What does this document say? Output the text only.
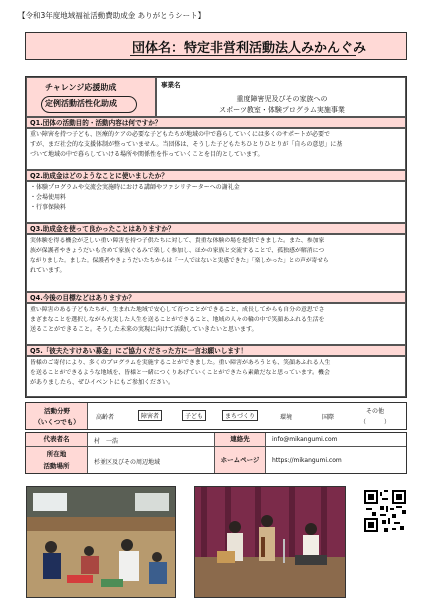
【令和3年度地域福祉活動費助成金 ありがとうシート】
団体名：特定非営利活動法人みかんぐみ
チャレンジ応援助成
定例活動活性化助成
事業名
重度障害児及びその家族への
スポーツ教室・体験プログラム実施事業
Q1.団体の活動目的・活動内容は何ですか？
重い障害を持つ子ども、医療的ケアの必要な子どもたちが地域の中で暮らしていくには多くのサポートが必要で
すが、まだ社会的な支援体制が整っていません。当団体は、そうした子どもたちひとりひとりが「自らの意思」に基
づいて地域の中で暮らしていける場所や関係性を作っていくことを目的としています。
Q2.助成金はどのようなことに使いましたか？
・体験プログラムや交流会実施時における講師やファシリテーターへの謝礼金
・会場使用料
・行事保険料
Q3.助成金を使って良かったことはありますか？
実体験を得る機会が乏しい重い障害を持つ子供たちに対して、貴重な体験の場を提供できました。また、参加家
族が保護者やきょうだいも含めて家族ぐるみで楽しく参加し、ほかの家族と交流することで、孤独感が解消につ
ながりました。ました。保護者やきょうだいたちからは「一人ではないと実感できた」「楽しかった」との声が寄せら
れています。
Q4.今後の目標などはありますか？
重い障害のある子どもたちが、生まれた地域で安心して育つことができること、成長してからも自分の意思でさ
まざまなことを選択しながら充実した人生を送ることができること、地域の人々の輪の中で笑顔あふれる生活を
送ることができること。そうした未来の実現に向けて活動していきたいと思います。
Q5.「彼夫たすけあい募金」にご協力くださった方に一言お願いします！
皆様のご寄付により、多くのプログラムを実施することができました。重い障害があろうとも、笑顔あふれる人生
を送ることができるような地域を、皆様と一緒につくりあげていくことができたら素敵だなと思っています。機会
がありましたら、ぜひイベントにもご参加ください。
活動分野
（いくつでも）
高齢者	障害者	子ども	まちづくり	環境	国際
その他
（　　　）
代表者名	村　一浩	連絡先	info@mikangumi.com
所在地
活動場所	杉並区及びその周辺地域	ホームページ	https://mikangumi.com
